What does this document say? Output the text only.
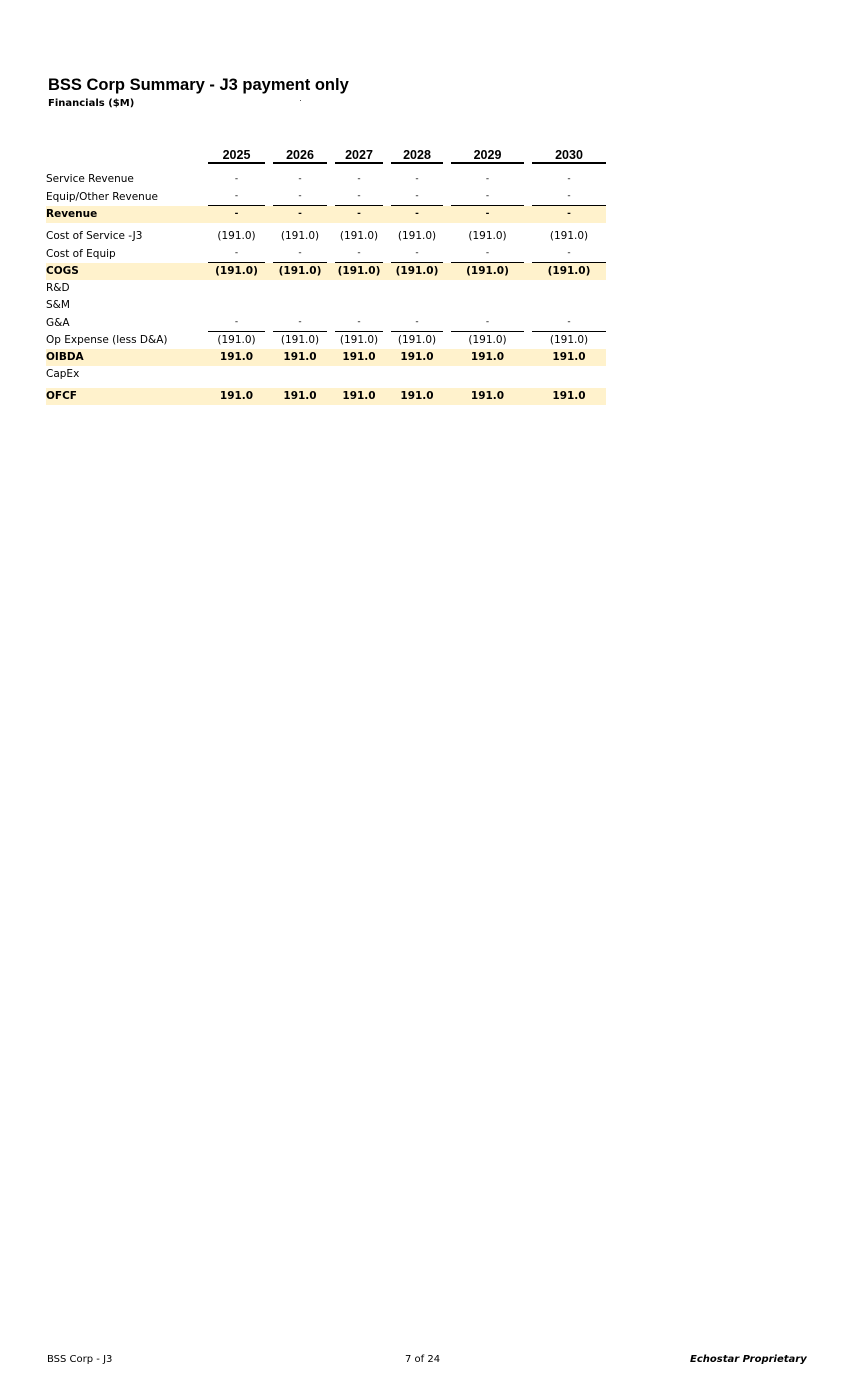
BSS Corp Summary - J3 payment only
Financials ($M)

		2025		2026		2027		2028		2029		2030

Service Revenue		-		-		-		-		-		-

Equip/Other Revenue		-		-		-		-		-		-

Revenue		-		-		-		-		-		-

Cost of Service -J3		(191.0)		(191.0)		(191.0)		(191.0)		(191.0)		(191.0)

Cost of Equip		-		-		-		-		-		-

COGS		(191.0)		(191.0)		(191.0)		(191.0)		(191.0)		(191.0)

R&D		

S&M		

G&A		-		-		-		-		-		-

Op Expense (less D&A)		(191.0)		(191.0)		(191.0)		(191.0)		(191.0)		(191.0)

OIBDA		191.0		191.0		191.0		191.0		191.0		191.0

CapEx		

OFCF		191.0		191.0		191.0		191.0		191.0		191.0
BSS Corp - J3	7 of 24	Echostar Proprietary
